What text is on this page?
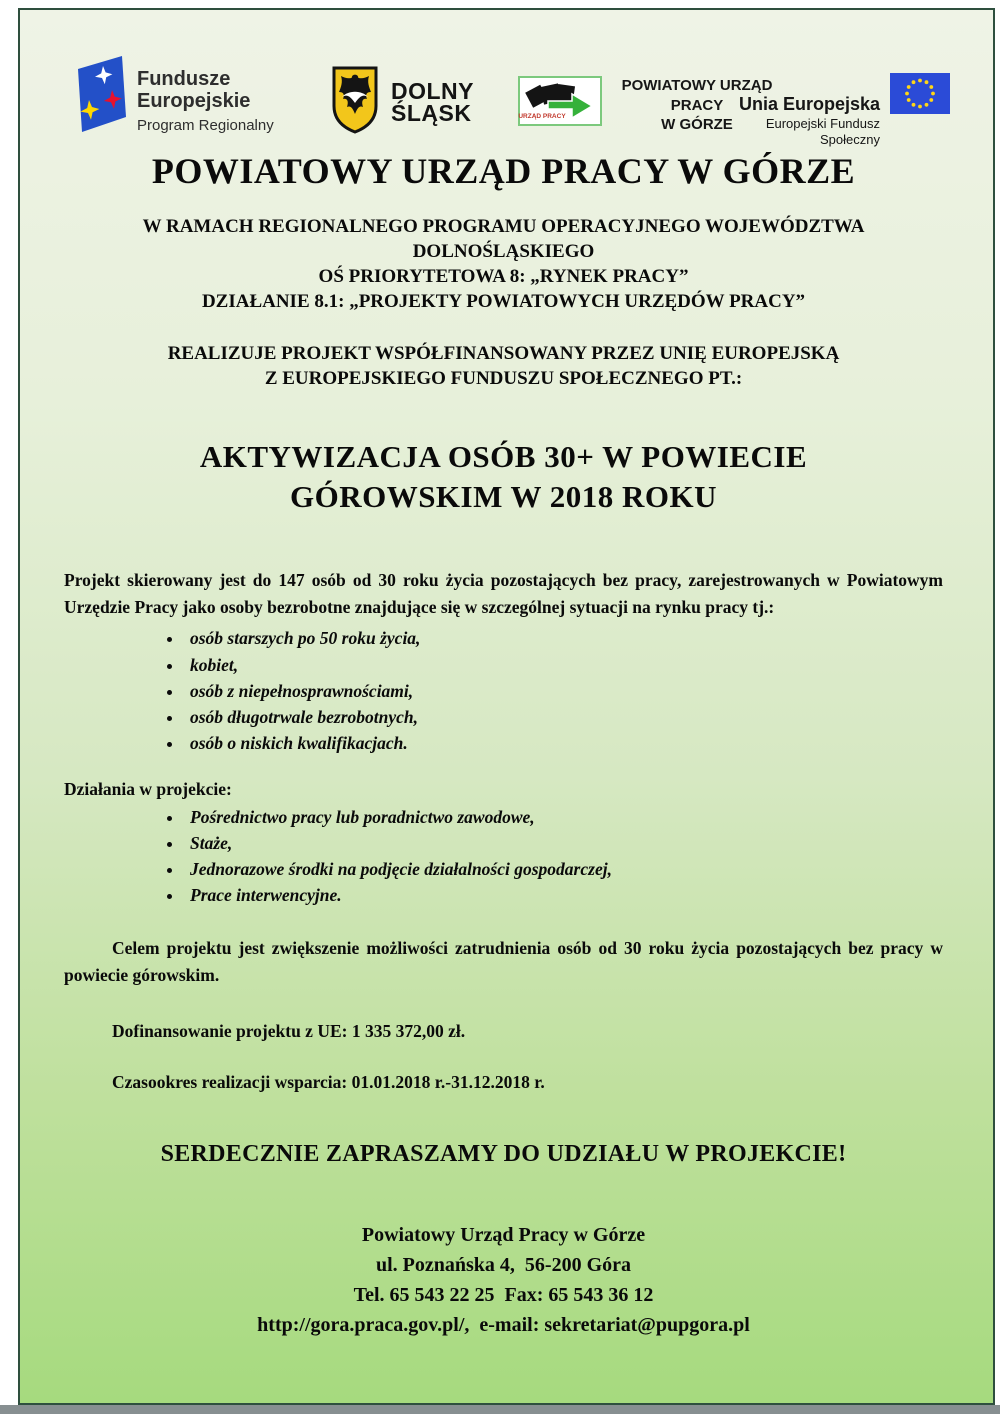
Fundusze
Europejskie
Program Regionalny
DOLNY
ŚLĄSK	URZĄD PRACY
POWIATOWY URZĄD
PRACY
W GÓRZE
Unia Europejska
Europejski Fundusz Społeczny
POWIATOWY URZĄD PRACY W GÓRZE
W RAMACH REGIONALNEGO PROGRAMU OPERACYJNEGO WOJEWÓDZTWA
DOLNOŚLĄSKIEGO
OŚ PRIORYTETOWA 8: „RYNEK PRACY”
DZIAŁANIE 8.1: „PROJEKTY POWIATOWYCH URZĘDÓW PRACY”
REALIZUJE PROJEKT WSPÓŁFINANSOWANY PRZEZ UNIĘ EUROPEJSKĄ
Z EUROPEJSKIEGO FUNDUSZU SPOŁECZNEGO PT.:
AKTYWIZACJA OSÓB 30+ W POWIECIE
GÓROWSKIM W 2018 ROKU

Projekt skierowany jest do 147 osób od 30 roku życia pozostających bez pracy, zarejestrowanych w Powiatowym Urzędzie Pracy jako osoby bezrobotne znajdujące się w szczególnej sytuacji na rynku pracy tj.:

• osób starszych po 50 roku życia,
• kobiet,
• osób z niepełnosprawnościami,
• osób długotrwale bezrobotnych,
• osób o niskich kwalifikacjach.

Działania w projekcie:

• Pośrednictwo pracy lub poradnictwo zawodowe,
• Staże,
• Jednorazowe środki na podjęcie działalności gospodarczej,
• Prace interwencyjne.

Celem projektu jest zwiększenie możliwości zatrudnienia osób od 30 roku życia pozostających bez pracy w powiecie górowskim.

Dofinansowanie projektu z UE: 1 335 372,00 zł.

Czasookres realizacji wsparcia: 01.01.2018 r.-31.12.2018 r.

SERDECZNIE ZAPRASZAMY DO UDZIAŁU W PROJEKCIE!

Powiatowy Urząd Pracy w Górze
ul. Poznańska 4,  56-200 Góra
Tel. 65 543 22 25  Fax: 65 543 36 12
http://gora.praca.gov.pl/,  e-mail: sekretariat@pupgora.pl
